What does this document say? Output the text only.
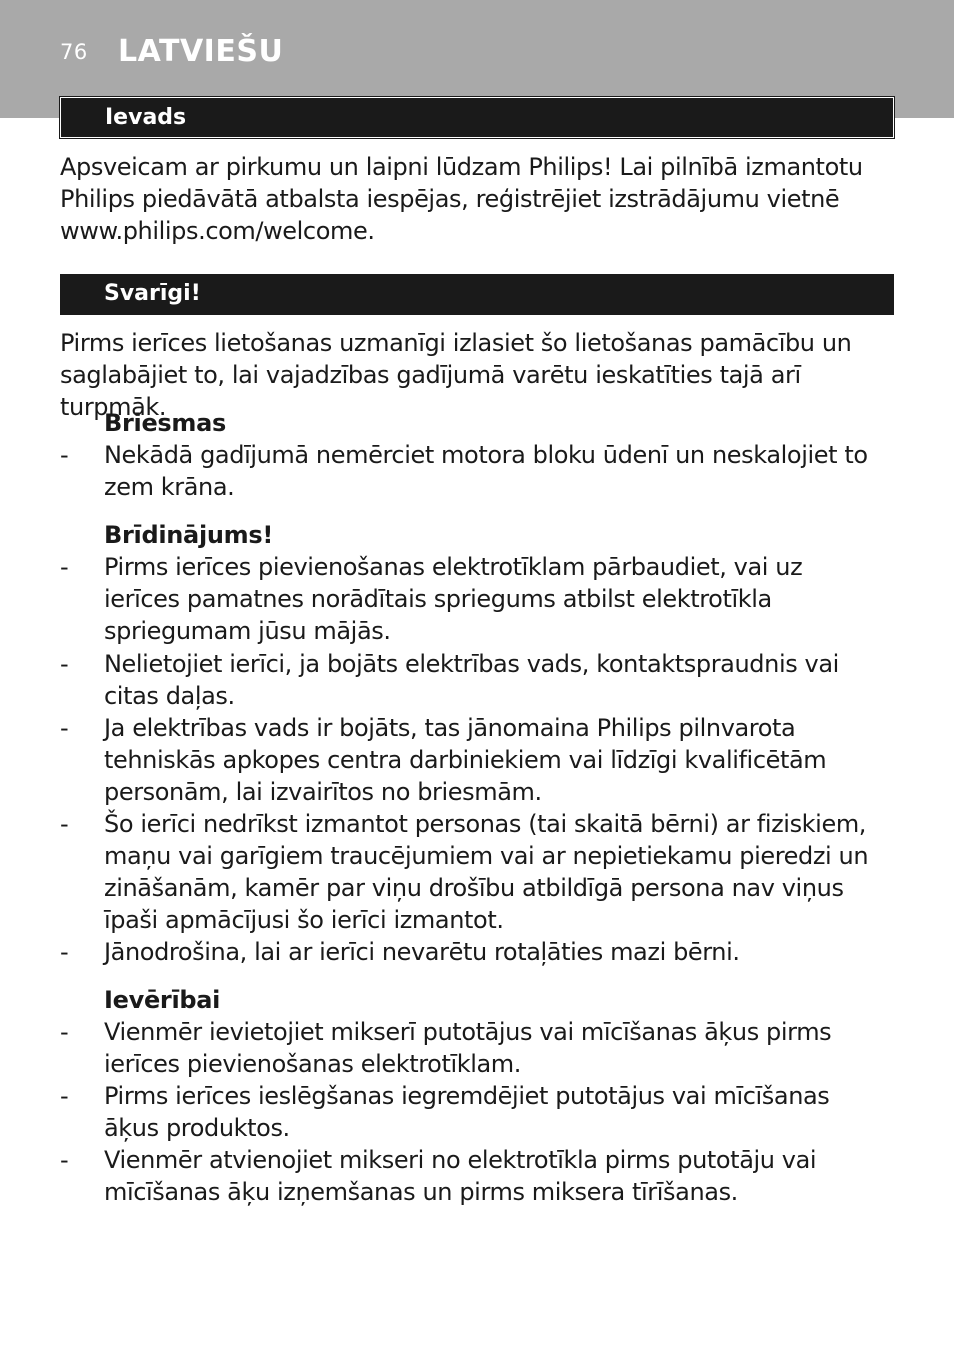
76 LATVIEŠU
Ievads
Apsveicam ar pirkumu un laipni lūdzam Philips! Lai pilnībā izmantotu Philips piedāvātā atbalsta iespējas, reģistrējiet izstrādājumu vietnē www.philips.com/welcome.
Svarīgi!
Pirms ierīces lietošanas uzmanīgi izlasiet šo lietošanas pamācību un saglabājiet to, lai vajadzības gadījumā varētu ieskatīties tajā arī turpmāk.
Briesmas
- Nekādā gadījumā nemērciet motora bloku ūdenī un neskalojiet to zem krāna.
Brīdinājums!
- Pirms ierīces pievienošanas elektrotīklam pārbaudiet, vai uz ierīces pamatnes norādītais spriegums atbilst elektrotīkla spriegumam jūsu mājās.
- Nelietojiet ierīci, ja bojāts elektrības vads, kontaktspraudnis vai citas daļas.
- Ja elektrības vads ir bojāts, tas jānomaina Philips pilnvarota tehniskās apkopes centra darbiniekiem vai līdzīgi kvalificētām personām, lai izvairītos no briesmām.
- Šo ierīci nedrīkst izmantot personas (tai skaitā bērni) ar fiziskiem, maņu vai garīgiem traucējumiem vai ar nepietiekamu pieredzi un zināšanām, kamēr par viņu drošību atbildīgā persona nav viņus īpaši apmācījusi šo ierīci izmantot.
- Jānodrošina, lai ar ierīci nevarētu rotaļāties mazi bērni.
Ievērībai
- Vienmēr ievietojiet mikserī putotājus vai mīcīšanas āķus pirms ierīces pievienošanas elektrotīklam.
- Pirms ierīces ieslēgšanas iegremdējiet putotājus vai mīcīšanas āķus produktos.
- Vienmēr atvienojiet mikseri no elektrotīkla pirms putotāju vai mīcīšanas āķu izņemšanas un pirms miksera tīrīšanas.
